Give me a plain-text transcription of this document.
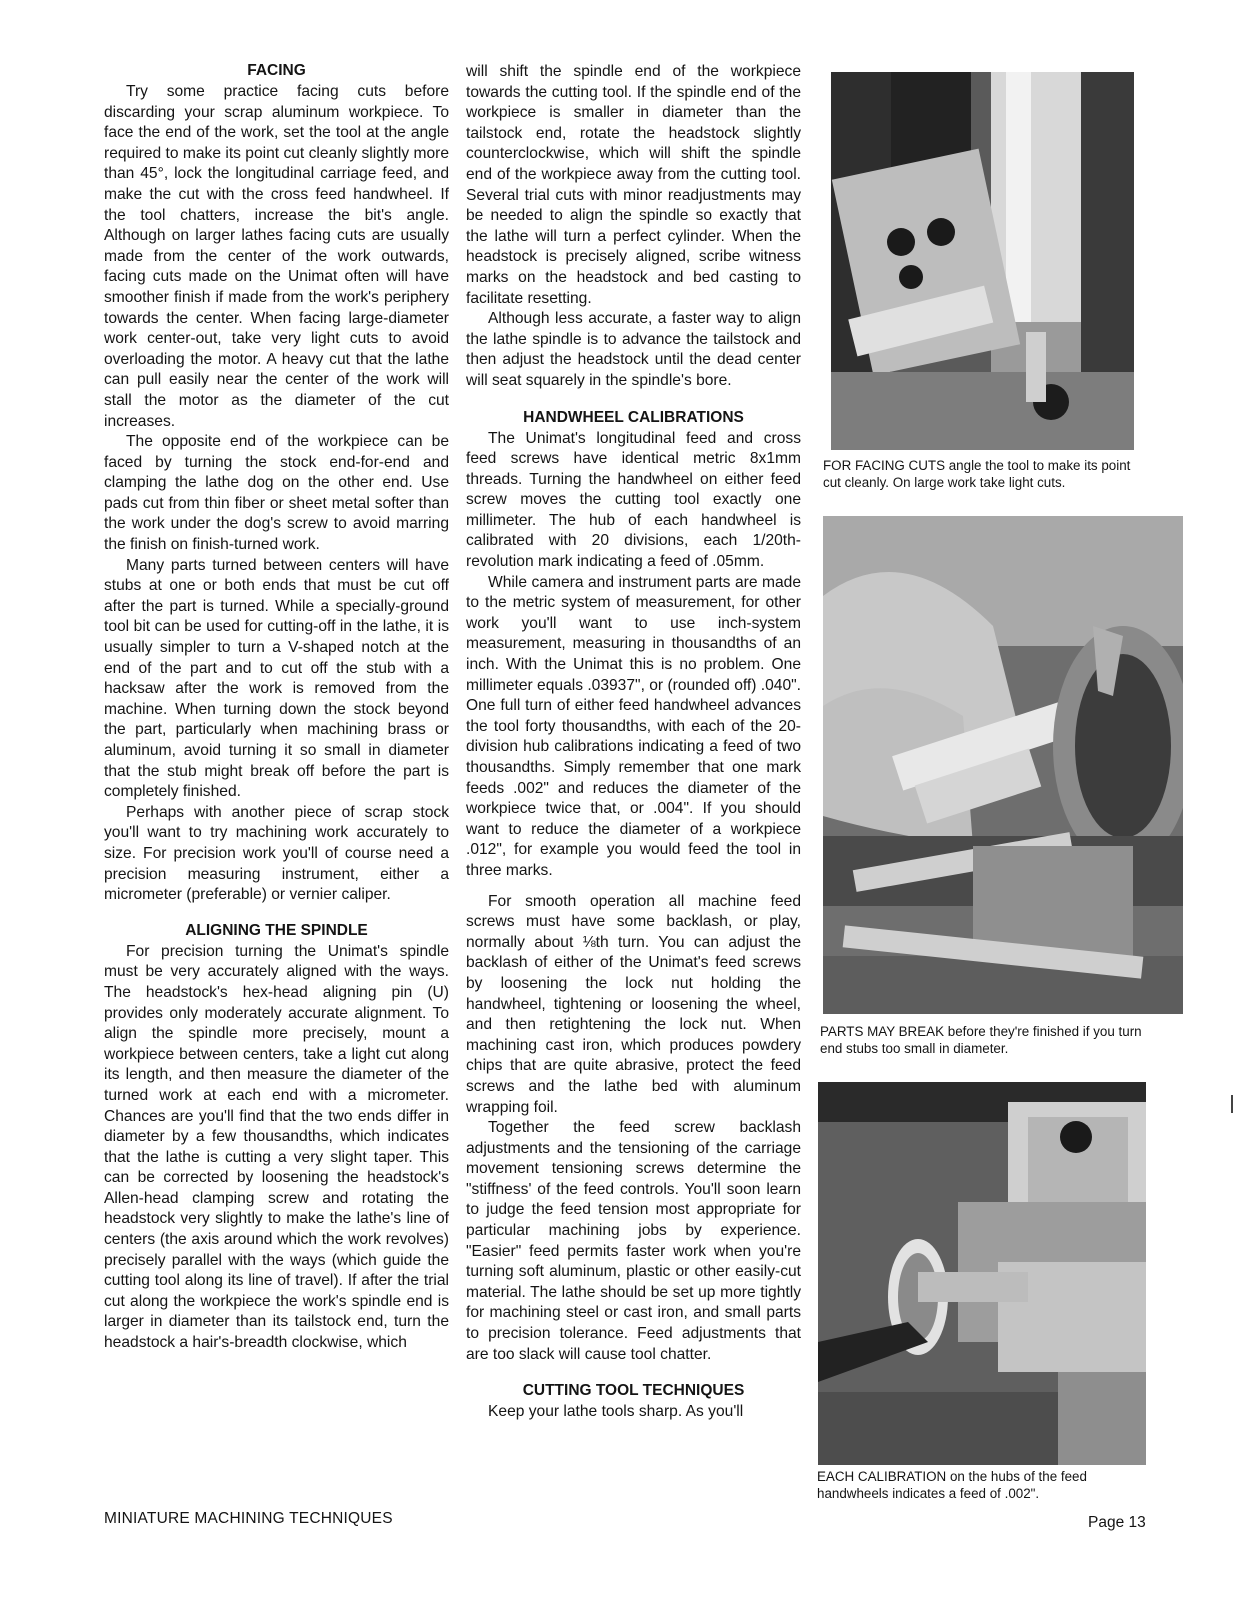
FACING

Try some practice facing cuts before discarding your scrap aluminum workpiece. To face the end of the work, set the tool at the angle required to make its point cut cleanly slightly more than 45°, lock the longitudinal carriage feed, and make the cut with the cross feed handwheel. If the tool chatters, increase the bit's angle. Although on larger lathes facing cuts are usually made from the center of the work outwards, facing cuts made on the Unimat often will have smoother finish if made from the work's periphery towards the center. When facing large-diameter work center-out, take very light cuts to avoid overloading the motor. A heavy cut that the lathe can pull easily near the center of the work will stall the motor as the diameter of the cut increases.

The opposite end of the workpiece can be faced by turning the stock end-for-end and clamping the lathe dog on the other end. Use pads cut from thin fiber or sheet metal softer than the work under the dog's screw to avoid marring the finish on finish-turned work.

Many parts turned between centers will have stubs at one or both ends that must be cut off after the part is turned. While a specially-ground tool bit can be used for cutting-off in the lathe, it is usually simpler to turn a V-shaped notch at the end of the part and to cut off the stub with a hacksaw after the work is removed from the machine. When turning down the stock beyond the part, particularly when machining brass or aluminum, avoid turning it so small in diameter that the stub might break off before the part is completely finished.

Perhaps with another piece of scrap stock you'll want to try machining work accurately to size. For precision work you'll of course need a precision measuring instrument, either a micrometer (preferable) or vernier caliper.

ALIGNING THE SPINDLE

For precision turning the Unimat's spindle must be very accurately aligned with the ways. The headstock's hex-head aligning pin (U) provides only moderately accurate alignment. To align the spindle more precisely, mount a workpiece between centers, take a light cut along its length, and then measure the diameter of the turned work at each end with a micrometer. Chances are you'll find that the two ends differ in diameter by a few thousandths, which indicates that the lathe is cutting a very slight taper. This can be corrected by loosening the headstock's Allen-head clamping screw and rotating the headstock very slightly to make the lathe's line of centers (the axis around which the work revolves) precisely parallel with the ways (which guide the cutting tool along its line of travel). If after the trial cut along the workpiece the work's spindle end is larger in diameter than its tailstock end, turn the headstock a hair's-breadth clockwise, which

will shift the spindle end of the workpiece towards the cutting tool. If the spindle end of the workpiece is smaller in diameter than the tailstock end, rotate the headstock slightly counterclockwise, which will shift the spindle end of the workpiece away from the cutting tool. Several trial cuts with minor readjustments may be needed to align the spindle so exactly that the lathe will turn a perfect cylinder. When the headstock is precisely aligned, scribe witness marks on the headstock and bed casting to facilitate resetting.

Although less accurate, a faster way to align the lathe spindle is to advance the tailstock and then adjust the headstock until the dead center will seat squarely in the spindle's bore.

HANDWHEEL CALIBRATIONS

The Unimat's longitudinal feed and cross feed screws have identical metric 8x1mm threads. Turning the handwheel on either feed screw moves the cutting tool exactly one millimeter. The hub of each handwheel is calibrated with 20 divisions, each 1/20th-revolution mark indicating a feed of .05mm.

While camera and instrument parts are made to the metric system of measurement, for other work you'll want to use inch-system measurement, measuring in thousandths of an inch. With the Unimat this is no problem. One millimeter equals .03937", or (rounded off) .040". One full turn of either feed handwheel advances the tool forty thousandths, with each of the 20-division hub calibrations indicating a feed of two thousandths. Simply remember that one mark feeds .002" and reduces the diameter of the workpiece twice that, or .004". If you should want to reduce the diameter of a workpiece .012", for example you would feed the tool in three marks.

For smooth operation all machine feed screws must have some backlash, or play, normally about ⅛th turn. You can adjust the backlash of either of the Unimat's feed screws by loosening the lock nut holding the handwheel, tightening or loosening the wheel, and then retightening the lock nut. When machining cast iron, which produces powdery chips that are quite abrasive, protect the feed screws and the lathe bed with aluminum wrapping foil.

Together the feed screw backlash adjustments and the tensioning of the carriage movement tensioning screws determine the "stiffness' of the feed controls. You'll soon learn to judge the feed tension most appropriate for particular machining jobs by experience. "Easier" feed permits faster work when you're turning soft aluminum, plastic or other easily-cut material. The lathe should be set up more tightly for machining steel or cast iron, and small parts to precision tolerance. Feed adjustments that are too slack will cause tool chatter.

CUTTING TOOL TECHNIQUES

Keep your lathe tools sharp. As you'll

FOR FACING CUTS angle the tool to make its point cut cleanly. On large work take light cuts.
PARTS MAY BREAK before they're finished if you turn end stubs too small in diameter.
EACH CALIBRATION on the hubs of the feed handwheels indicates a feed of .002".
MINIATURE MACHINING TECHNIQUES	Page 13
